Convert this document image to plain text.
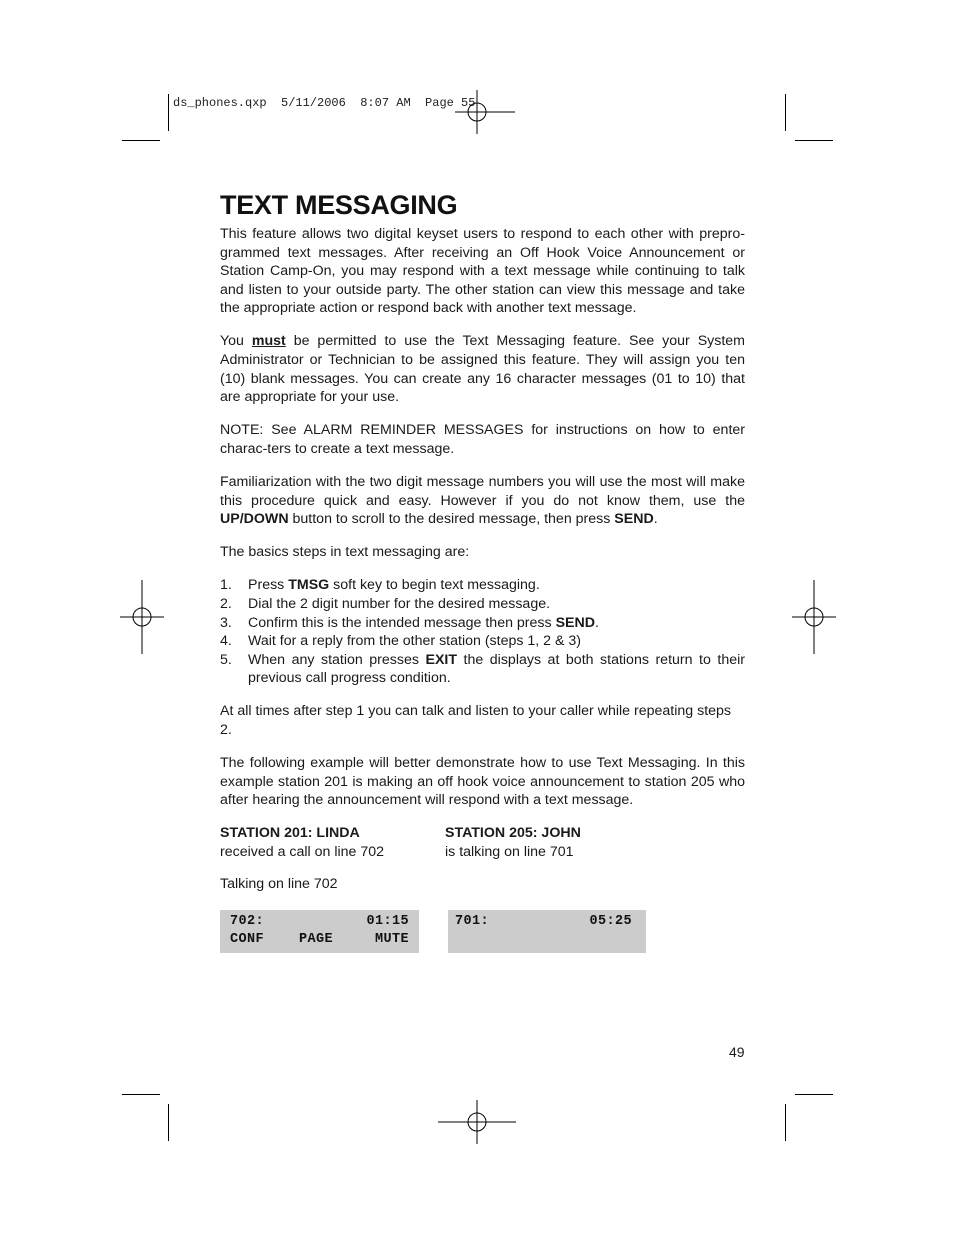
ds_phones.qxp  5/11/2006  8:07 AM  Page 55
TEXT MESSAGING

This feature allows two digital keyset users to respond to each other with prepro-grammed text messages. After receiving an Off Hook Voice Announcement or Station Camp-On, you may respond with a text message while continuing to talk and listen to your outside party. The other station can view this message and take the appropriate action or respond back with another text message.

You must be permitted to use the Text Messaging feature. See your System Administrator or Technician to be assigned this feature. They will assign you ten (10) blank messages. You can create any 16 character messages (01 to 10) that are appropriate for your use.

NOTE: See ALARM REMINDER MESSAGES for instructions on how to enter charac-ters to create a text message.

Familiarization with the two digit message numbers you will use the most will make this procedure quick and easy. However if you do not know them, use the UP/DOWN button to scroll to the desired message, then press SEND.

The basics steps in text messaging are:

1. Press TMSG soft key to begin text messaging.
2. Dial the 2 digit number for the desired message.
3. Confirm this is the intended message then press SEND.
4. Wait for a reply from the other station (steps 1, 2 & 3)
5. When any station presses EXIT the displays at both stations return to their previous call progress condition.

At all times after step 1 you can talk and listen to your caller while repeating steps 2.

The following example will better demonstrate how to use Text Messaging. In this example station 201 is making an off hook voice announcement to station 205 who after hearing the announcement will respond with a text message.

STATION 201: LINDA
received a call on line 702
STATION 205: JOHN
is talking on line 701

Talking on line 702

702:	01:15
CONF	PAGE	MUTE
701:	05:25
49
